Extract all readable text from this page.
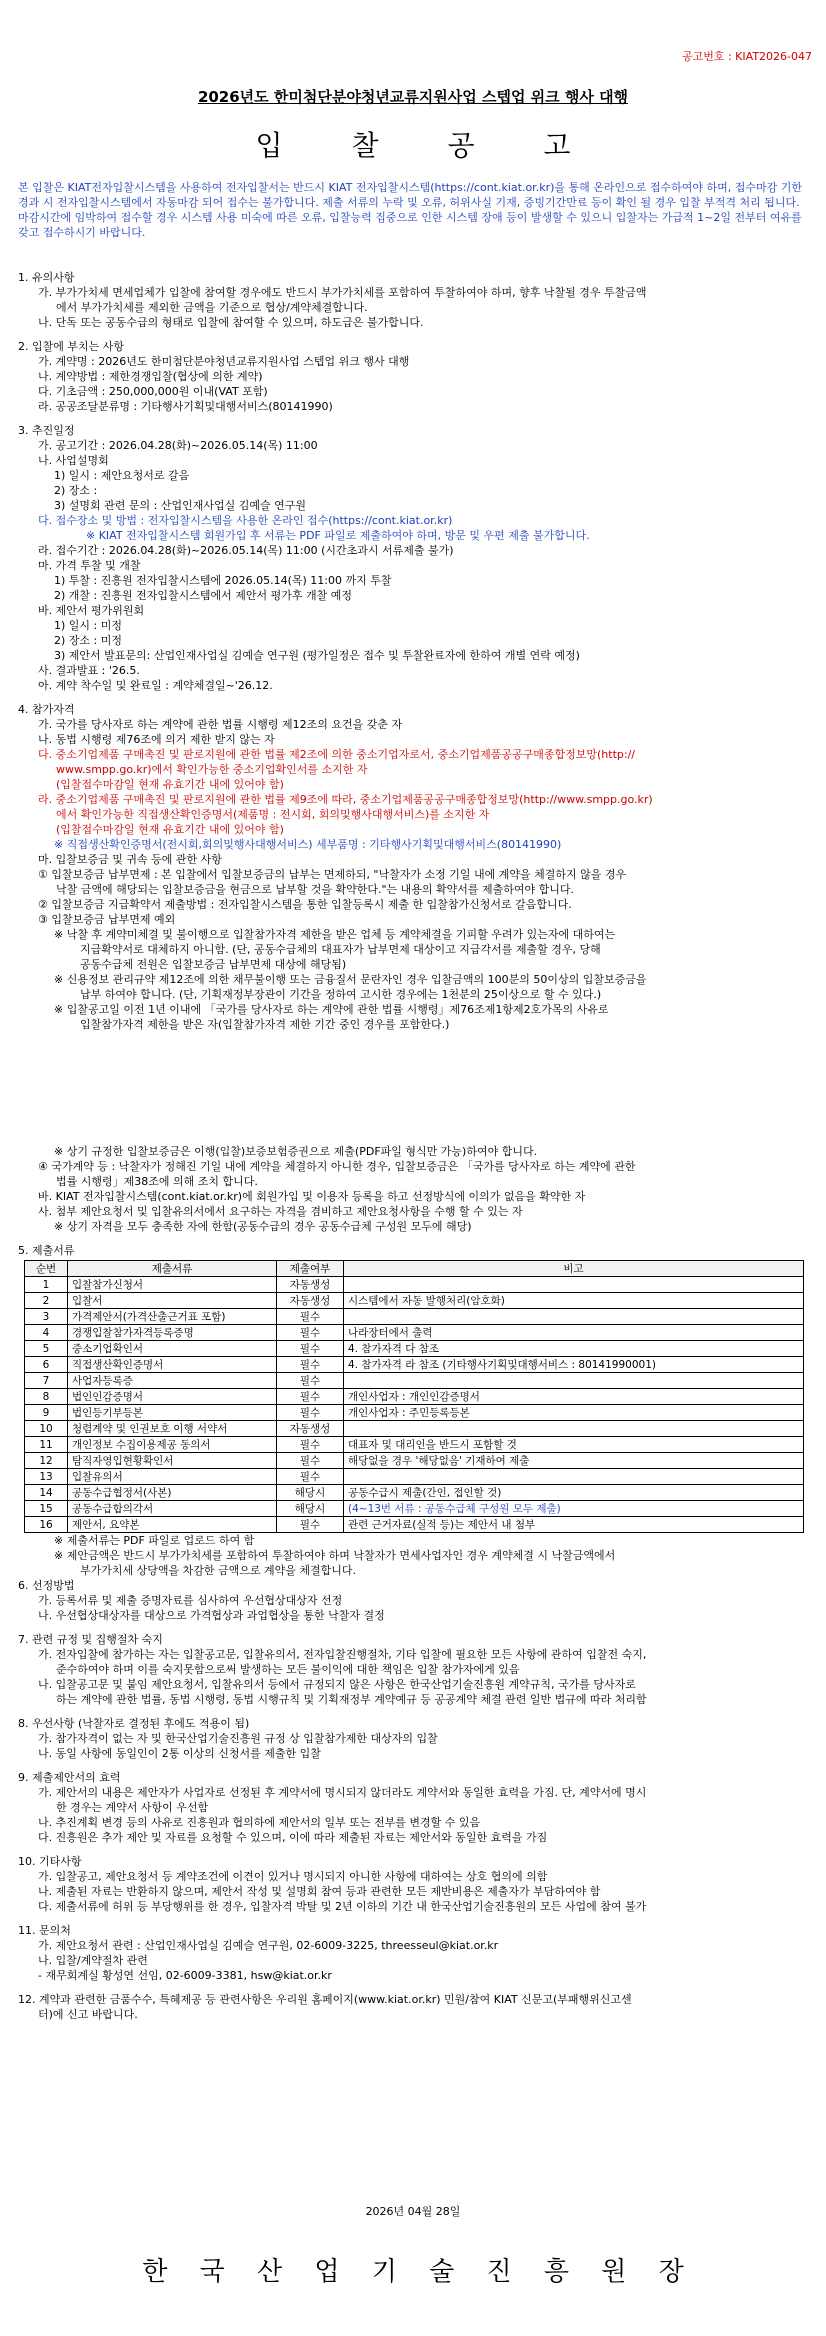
공고번호 : KIAT2026-047
2026년도 한미첨단분야청년교류지원사업 스텝업 위크 행사 대행
입 찰 공 고
본 입찰은 KIAT전자입찰시스템을 사용하여 전자입찰서는 반드시 KIAT 전자입찰시스템(https://cont.kiat.or.kr)을 통해 온라인으로 접수하여야 하며, 접수마감 기한 경과 시 전자입찰시스템에서 자동마감 되어 접수는 불가합니다. 제출 서류의 누락 및 오류, 허위사실 기재, 증빙기간만료 등이 확인 될 경우 입찰 부적격 처리 됩니다. 마감시간에 임박하여 접수할 경우 시스템 사용 미숙에 따른 오류, 입찰능력 집중으로 인한 시스템 장애 등이 발생할 수 있으니 입찰자는 가급적 1~2일 전부터 여유를 갖고 접수하시기 바랍니다.
1. 유의사항
가. 부가가치세 면세업체가 입찰에 참여할 경우에도 반드시 부가가치세를 포함하여 투찰하여야 하며, 향후 낙찰될 경우 투찰금액
에서 부가가치세를 제외한 금액을 기준으로 협상/계약체결합니다.
나. 단독 또는 공동수급의 형태로 입찰에 참여할 수 있으며, 하도급은 불가합니다.
2. 입찰에 부치는 사항
가. 계약명 : 2026년도 한미첨단분야청년교류지원사업 스텝업 위크 행사 대행
나. 계약방법 : 제한경쟁입찰(협상에 의한 계약)
다. 기초금액 : 250,000,000원 이내(VAT 포함)
라. 공공조달분류명 : 기타행사기획및대행서비스(80141990)
3. 추진일정
가. 공고기간 : 2026.04.28(화)~2026.05.14(목) 11:00
나. 사업설명회
1) 일시 : 제안요청서로 갈음
2) 장소 :
3) 설명회 관련 문의 : 산업인재사업실 김예슬 연구원
다. 접수장소 및 방법 : 전자입찰시스템을 사용한 온라인 접수(https://cont.kiat.or.kr)
※ KIAT 전자입찰시스템 회원가입 후 서류는 PDF 파일로 제출하여야 하며, 방문 및 우편 제출 불가합니다.
라. 접수기간 : 2026.04.28(화)~2026.05.14(목) 11:00 (시간초과시 서류제출 불가)
마. 가격 투찰 및 개찰
1) 투찰 : 진흥원 전자입찰시스템에 2026.05.14(목) 11:00 까지 투찰
2) 개찰 : 진흥원 전자입찰시스템에서 제안서 평가후 개찰 예정
바. 제안서 평가위원회
1) 일시 : 미정
2) 장소 : 미정
3) 제안서 발표문의: 산업인재사업실 김예슬 연구원 (평가일정은 접수 및 투찰완료자에 한하여 개별 연락 예정)
사. 결과발표 : '26.5.
아. 계약 착수일 및 완료일 : 계약체결일~'26.12.
4. 참가자격
가. 국가를 당사자로 하는 계약에 관한 법률 시행령 제12조의 요건을 갖춘 자
나. 동법 시행령 제76조에 의거 제한 받지 않는 자
다. 중소기업제품 구매촉진 및 판로지원에 관한 법률 제2조에 의한 중소기업자로서, 중소기업제품공공구매종합정보망(http://
www.smpp.go.kr)에서 확인가능한 중소기업확인서를 소지한 자
(입찰접수마감일 현재 유효기간 내에 있어야 함)
라. 중소기업제품 구매촉진 및 판로지원에 관한 법률 제9조에 따라, 중소기업제품공공구매종합정보망(http://www.smpp.go.kr)
에서 확인가능한 직접생산확인증명서(제품명 : 전시회, 회의및행사대행서비스)를 소지한 자
(입찰접수마감일 현재 유효기간 내에 있어야 함)
※ 직접생산확인증명서(전시회,회의및행사대행서비스) 세부품명 : 기타행사기획및대행서비스(80141990)
마. 입찰보증금 및 귀속 등에 관한 사항
① 입찰보증금 납부면제 : 본 입찰에서 입찰보증금의 납부는 면제하되, "낙찰자가 소정 기일 내에 계약을 체결하지 않을 경우
낙찰 금액에 해당되는 입찰보증금을 현금으로 납부할 것을 확약한다."는 내용의 확약서를 제출하여야 합니다.
② 입찰보증금 지급확약서 제출방법 : 전자입찰시스템을 통한 입찰등록시 제출 한 입찰참가신청서로 갈음합니다.
③ 입찰보증금 납부면제 예외
※ 낙찰 후 계약미체결 및 불이행으로 입찰참가자격 제한을 받은 업체 등 계약체결을 기피할 우려가 있는자에 대하여는
지급확약서로 대체하지 아니함. (단, 공동수급체의 대표자가 납부면제 대상이고 지급각서를 제출할 경우, 당해
공동수급체 전원은 입찰보증금 납부면제 대상에 해당됨)
※ 신용정보 관리규약 제12조에 의한 채무불이행 또는 금융질서 문란자인 경우 입찰금액의 100분의 50이상의 입찰보증금을
납부 하여야 합니다. (단, 기획재정부장관이 기간을 정하여 고시한 경우에는 1천분의 25이상으로 할 수 있다.)
※ 입찰공고일 이전 1년 이내에 「국가를 당사자로 하는 계약에 관한 법률 시행령」제76조제1항제2호가목의 사유로
입찰참가자격 제한을 받은 자(입찰참가자격 제한 기간 중인 경우를 포함한다.)
※ 상기 규정한 입찰보증금은 이행(입찰)보증보험증권으로 제출(PDF파일 형식만 가능)하여야 합니다.
④ 국가계약 등 : 낙찰자가 정해진 기일 내에 계약을 체결하지 아니한 경우, 입찰보증금은 「국가를 당사자로 하는 계약에 관한
법률 시행령」제38조에 의해 조치 합니다.
바. KIAT 전자입찰시스템(cont.kiat.or.kr)에 회원가입 및 이용자 등록을 하고 선정방식에 이의가 없음을 확약한 자
사. 첨부 제안요청서 및 입찰유의서에서 요구하는 자격을 겸비하고 제안요청사항을 수행 할 수 있는 자
※ 상기 자격을 모두 충족한 자에 한함(공동수급의 경우 공동수급체 구성원 모두에 해당)
5. 제출서류
순번	제출서류	제출여부	비고
1	입찰참가신청서	자동생성	
2	입찰서	자동생성	시스템에서 자동 발행처리(암호화)
3	가격제안서(가격산출근거표 포함)	필수	
4	경쟁입찰참가자격등록증명	필수	나라장터에서 출력
5	중소기업확인서	필수	4. 참가자격 다 참조
6	직접생산확인증명서	필수	4. 참가자격 라 참조 (기타행사기획및대행서비스 : 80141990001)
7	사업자등록증	필수	
8	법인인감증명서	필수	개인사업자 : 개인인감증명서
9	법인등기부등본	필수	개인사업자 : 주민등록등본
10	청렴계약 및 인권보호 이행 서약서	자동생성	
11	개인정보 수집이용제공 동의서	필수	대표자 및 대리인을 반드시 포함할 것
12	탐직자영입현황확인서	필수	해당없을 경우 '해당없음' 기재하여 제출
13	입찰유의서	필수	
14	공동수급협정서(사본)	해당시	공동수급시 제출(간인, 접인할 것)
15	공동수급합의각서	해당시	(4~13번 서류 : 공동수급체 구성원 모두 제출)
16	제안서, 요약본	필수	관련 근거자료(실적 등)는 제안서 내 첨부
※ 제출서류는 PDF 파일로 업로드 하여 함
※ 제안금액은 반드시 부가가치세를 포함하여 투찰하여야 하며 낙찰자가 면세사업자인 경우 계약체결 시 낙찰금액에서
부가가치세 상당액을 차감한 금액으로 계약을 체결합니다.
6. 선정방법
가. 등록서류 및 제출 증명자료를 심사하여 우선협상대상자 선정
나. 우선협상대상자를 대상으로 가격협상과 과업협상을 통한 낙찰자 결정
7. 관련 규정 및 집행절차 숙지
가. 전자입찰에 참가하는 자는 입찰공고문, 입찰유의서, 전자입찰진행절차, 기타 입찰에 필요한 모든 사항에 관하여 입찰전 숙지,
준수하여야 하며 이를 숙지못함으로써 발생하는 모든 불이익에 대한 책임은 입찰 참가자에게 있음
나. 입찰공고문 및 붙임 제안요청서, 입찰유의서 등에서 규정되지 않은 사항은 한국산업기술진흥원 계약규칙, 국가를 당사자로
하는 계약에 관한 법률, 동법 시행령, 동법 시행규칙 및 기획재정부 계약예규 등 공공계약 체결 관련 일반 법규에 따라 처리함
8. 우선사항 (낙찰자로 결정된 후에도 적용이 됨)
가. 참가자격이 없는 자 및 한국산업기술진흥원 규정 상 입찰참가제한 대상자의 입찰
나. 동일 사항에 동일인이 2통 이상의 신청서를 제출한 입찰
9. 제출제안서의 효력
가. 제안서의 내용은 제안자가 사업자로 선정된 후 계약서에 명시되지 않더라도 계약서와 동일한 효력을 가짐. 단, 계약서에 명시
한 경우는 계약서 사항이 우선함
나. 추진계획 변경 등의 사유로 진흥원과 협의하에 제안서의 일부 또는 전부를 변경할 수 있음
다. 진흥원은 추가 제안 및 자료를 요청할 수 있으며, 이에 따라 제출된 자료는 제안서와 동일한 효력을 가짐
10. 기타사항
가. 입찰공고, 제안요청서 등 계약조건에 이견이 있거나 명시되지 아니한 사항에 대하여는 상호 협의에 의함
나. 제출된 자료는 반환하지 않으며, 제안서 작성 및 설명회 참여 등과 관련한 모든 제반비용은 제출자가 부담하여야 함
다. 제출서류에 허위 등 부당행위를 한 경우, 입찰자격 박탈 및 2년 이하의 기간 내 한국산업기술진흥원의 모든 사업에 참여 불가
11. 문의처
가. 제안요청서 관련 : 산업인재사업실 김예슬 연구원, 02-6009-3225, threesseul@kiat.or.kr
나. 입찰/계약절차 관련
- 재무회계실 황성연 선임, 02-6009-3381, hsw@kiat.or.kr
12. 계약과 관련한 금품수수, 특혜제공 등 관련사항은 우리원 홈페이지(www.kiat.or.kr) 민원/참여 KIAT 신문고(부패행위신고센
터)에 신고 바랍니다.
2026년 04월 28일
한 국 산 업 기 술 진 흥 원 장
